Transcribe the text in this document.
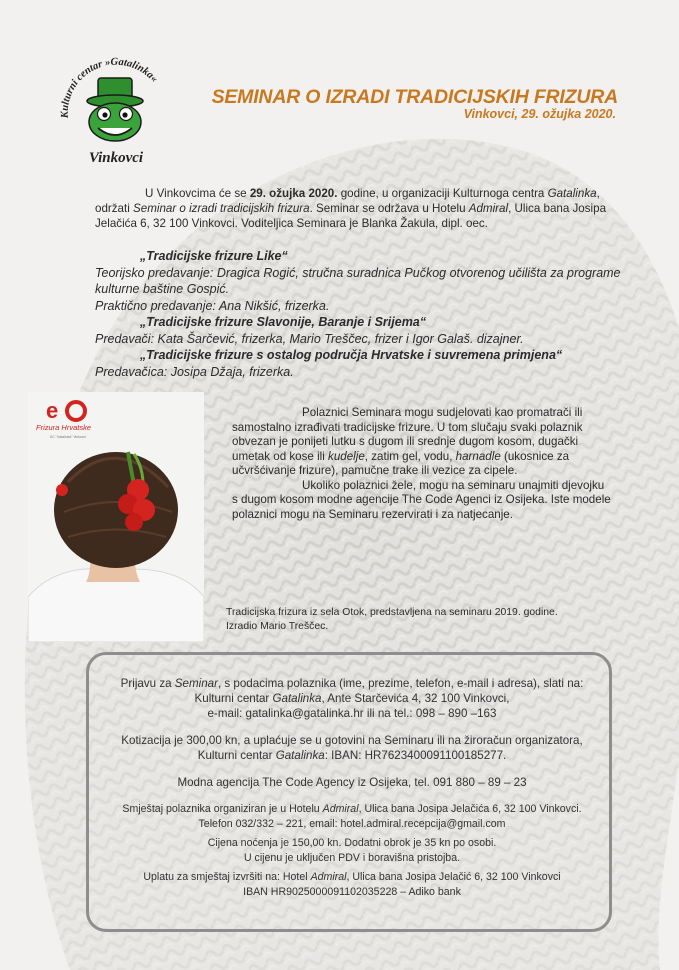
Kulturni centar »Gatalinka«
Vinkovci
SEMINAR O IZRADI TRADICIJSKIH FRIZURA
Vinkovci, 29. ožujka 2020.

U Vinkovcima će se 29. ožujka 2020. godine, u organizaciji Kulturnoga centra Gatalinka, održati Seminar o izradi tradicijskih frizura. Seminar se održava u Hotelu Admiral, Ulica bana Josipa Jelačića 6, 32 100 Vinkovci. Voditeljica Seminara je Blanka Žakula, dipl. oec.

„Tradicijske frizure Like“
Teorijsko predavanje: Dragica Rogić, stručna suradnica Pučkog otvorenog učilišta za programe kulturne baštine Gospić.
Praktično predavanje: Ana Nikšić, frizerka.
„Tradicijske frizure Slavonije, Baranje i Srijema“
Predavači: Kata Šarčević, frizerka, Mario Treščec, frizer i Igor Galaš. dizajner.
„Tradicijske frizure s ostalog područja Hrvatske i suvremena primjena“
Predavačica: Josipa Džaja, frizerka.
e
Frizura Hrvatske
KC "Gatalinka" Vinkovci

Polaznici Seminara mogu sudjelovati kao promatrači ili samostalno izrađivati tradicijske frizure. U tom slučaju svaki polaznik obvezan je ponijeti lutku s dugom ili srednje dugom kosom, dugački umetak od kose ili kudelje, zatim gel, vodu, harnadle (ukosnice za učvršćivanje frizure), pamučne trake ili vezice za cipele.

Ukoliko polaznici žele, mogu na seminaru unajmiti djevojku s dugom kosom modne agencije The Code Agenci iz Osijeka. Iste modele polaznici mogu na Seminaru rezervirati i za natjecanje.

Tradicijska frizura iz sela Otok, predstavljena na seminaru 2019. godine.
Izradio Mario Treščec.
Prijavu za Seminar, s podacima polaznika (ime, prezime, telefon, e-mail i adresa), slati na:
Kulturni centar Gatalinka, Ante Starčevića 4, 32 100 Vinkovci,
e-mail: gatalinka@gatalinka.hr ili na tel.: 098 – 890 –163
Kotizacija je 300,00 kn, a uplaćuje se u gotovini na Seminaru ili na žiroračun organizatora,
Kulturni centar Gatalinka: IBAN: HR7623400091100185277.
Modna agencija The Code Agency iz Osijeka, tel. 091 880 – 89 – 23
Smještaj polaznika organiziran je u Hotelu Admiral, Ulica bana Josipa Jelačića 6, 32 100 Vinkovci.
Telefon 032/332 – 221, email: hotel.admiral.recepcija@gmail.com
Cijena noćenja je 150,00 kn. Dodatni obrok je 35 kn po osobi.
U cijenu je uključen PDV i boravišna pristojba.
Uplatu za smještaj izvršiti na: Hotel Admiral, Ulica bana Josipa Jelačić 6, 32 100 Vinkovci
IBAN HR9025000091102035228 – Adiko bank
